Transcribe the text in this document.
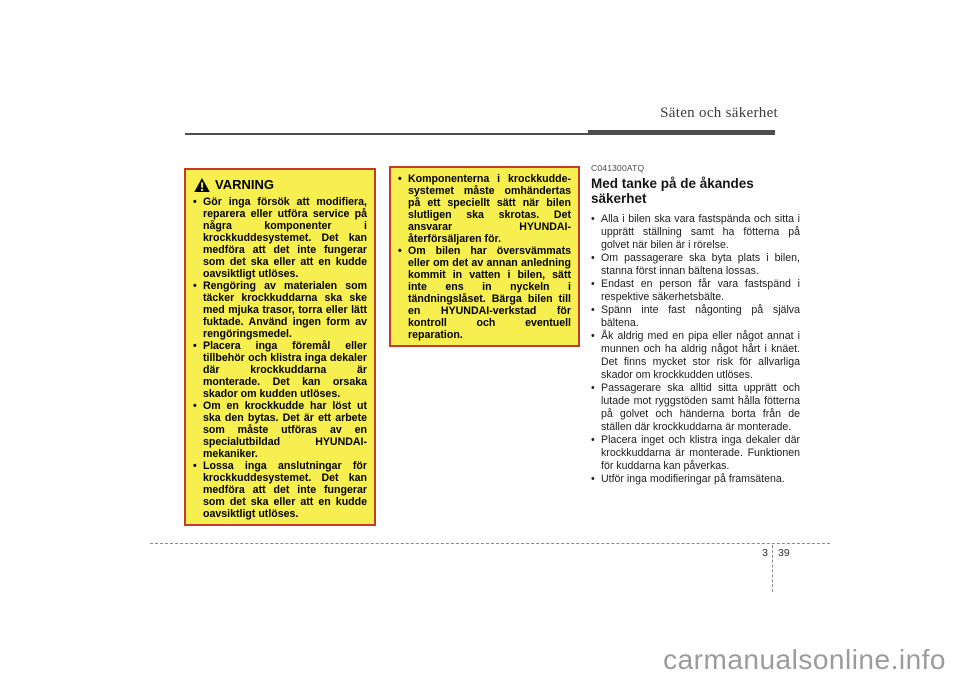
Säten och säkerhet
VARNING
•
Gör inga försök att modifiera, reparera eller utföra service på några komponenter i krockkuddesystemet. Det kan medföra att det inte fungerar som det ska eller att en kudde oavsiktligt utlöses.
•
Rengöring av materialen som täcker krockkuddarna ska ske med mjuka trasor, torra eller lätt fuktade. Använd ingen form av rengöringsmedel.
•
Placera inga föremål eller tillbehör och klistra inga dekaler där krockkuddarna är monterade. Det kan orsaka skador om kudden utlöses.
•
Om en krockkudde har löst ut ska den bytas. Det är ett arbete som måste utföras av en specialutbildad HYUNDAI-mekaniker.
•
Lossa inga anslutningar för krockkuddesystemet. Det kan medföra att det inte fungerar som det ska eller att en kudde oavsiktligt utlöses.
•
Komponenterna i krockkudde-systemet måste omhändertas på ett speciellt sätt när bilen slutligen ska skrotas. Det ansvarar HYUNDAI-återförsäljaren för.
•
Om bilen har översvämmats eller om det av annan anledning kommit in vatten i bilen, sätt inte ens in nyckeln i tändningslåset. Bärga bilen till en HYUNDAI-verkstad för kontroll och eventuell reparation.
C041300ATQ
Med tanke på de åkandes säkerhet
•
Alla i bilen ska vara fastspända och sitta i upprätt ställning samt ha fötterna på golvet när bilen är i rörelse.
•
Om passagerare ska byta plats i bilen, stanna först innan bältena lossas.
•
Endast en person får vara fastspänd i respektive säkerhetsbälte.
•
Spänn inte fast någonting på själva bältena.
•
Åk aldrig med en pipa eller något annat i munnen och ha aldrig något hårt i knäet. Det finns mycket stor risk för allvarliga skador om krockkudden utlöses.
•
Passagerare ska alltid sitta upprätt och lutade mot ryggstöden samt hålla fötterna på golvet och händerna borta från de ställen där krockkuddarna är monterade.
•
Placera inget och klistra inga dekaler där krockkuddarna är monterade. Funktionen för kuddarna kan påverkas.
•
Utför inga modifieringar på framsätena.
3 39
carmanualsonline.info
